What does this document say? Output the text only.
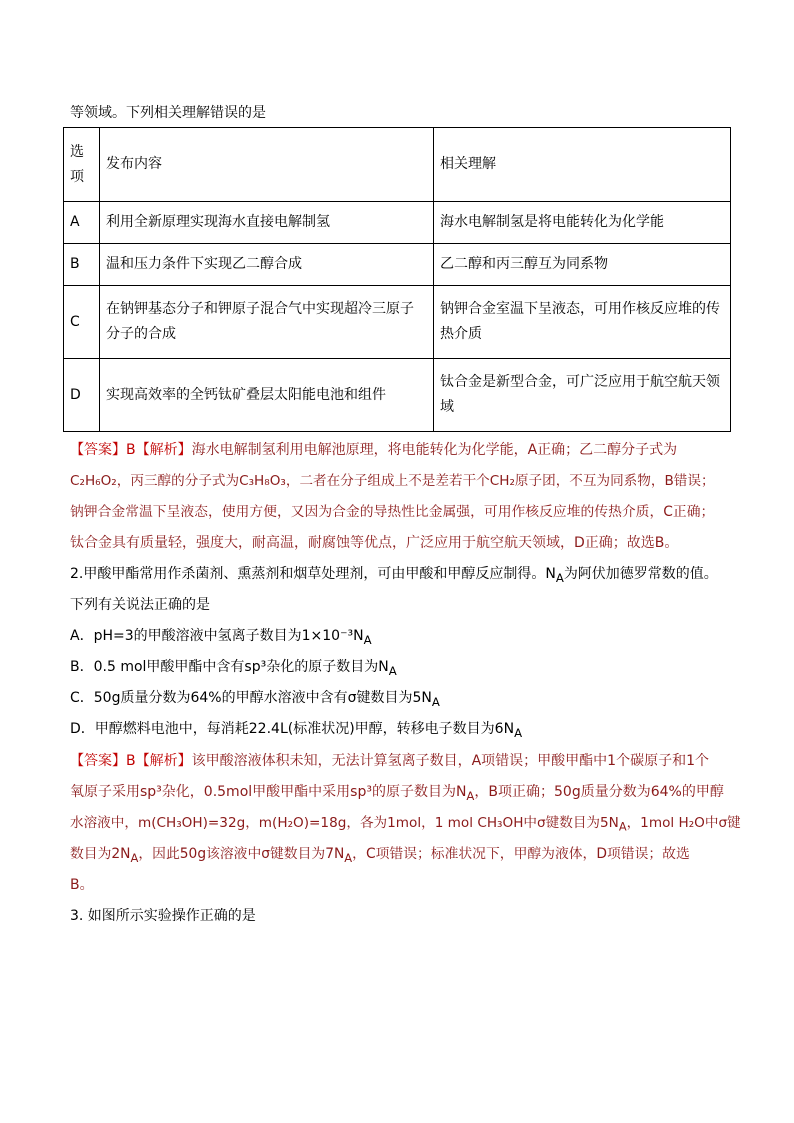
等领域。下列相关理解错误的是
选项	发布内容	相关理解
A	利用全新原理实现海水直接电解制氢	海水电解制氢是将电能转化为化学能
B	温和压力条件下实现乙二醇合成	乙二醇和丙三醇互为同系物
C	在钠钾基态分子和钾原子混合气中实现超冷三原子分子的合成	钠钾合金室温下呈液态，可用作核反应堆的传热介质
D	实现高效率的全钙钛矿叠层太阳能电池和组件	钛合金是新型合金，可广泛应用于航空航天领域
【答案】B【解析】海水电解制氢利用电解池原理，将电能转化为化学能，A正确；乙二醇分子式为
C₂H₆O₂，丙三醇的分子式为C₃H₈O₃，二者在分子组成上不是差若干个CH₂原子团，不互为同系物，B错误；
钠钾合金常温下呈液态，使用方便，又因为合金的导热性比金属强，可用作核反应堆的传热介质，C正确；
钛合金具有质量轻，强度大，耐高温，耐腐蚀等优点，广泛应用于航空航天领域，D正确；故选B。
2.甲酸甲酯常用作杀菌剂、熏蒸剂和烟草处理剂，可由甲酸和甲醇反应制得。$N_A$为阿伏加德罗常数的值。
下列有关说法正确的是
A．pH=3的甲酸溶液中氢离子数目为$1\times 10^{-3}N_A$
B．0.5 mol甲酸甲酯中含有sp³杂化的原子数目为$N_A$
C．50g质量分数为64%的甲醇水溶液中含有σ键数目为$5N_A$
D．甲醇燃料电池中，每消耗22.4L(标准状况)甲醇，转移电子数目为$6N_A$
【答案】B【解析】该甲酸溶液体积未知，无法计算氢离子数目，A项错误；甲酸甲酯中1个碳原子和1个
氧原子采用sp³杂化，0.5mol甲酸甲酯中采用sp³的原子数目为$N_A$，B项正确；50g质量分数为64%的甲醇
水溶液中，m(CH₃OH)=32g，m(H₂O)=18g，各为1mol，1 mol CH₃OH中σ键数目为$5N_A$，1mol H₂O中σ键
数目为$2N_A$，因此50g该溶液中σ键数目为$7N_A$，C项错误；标准状况下，甲醇为液体，D项错误；故选
B。
3. 如图所示实验操作正确的是
